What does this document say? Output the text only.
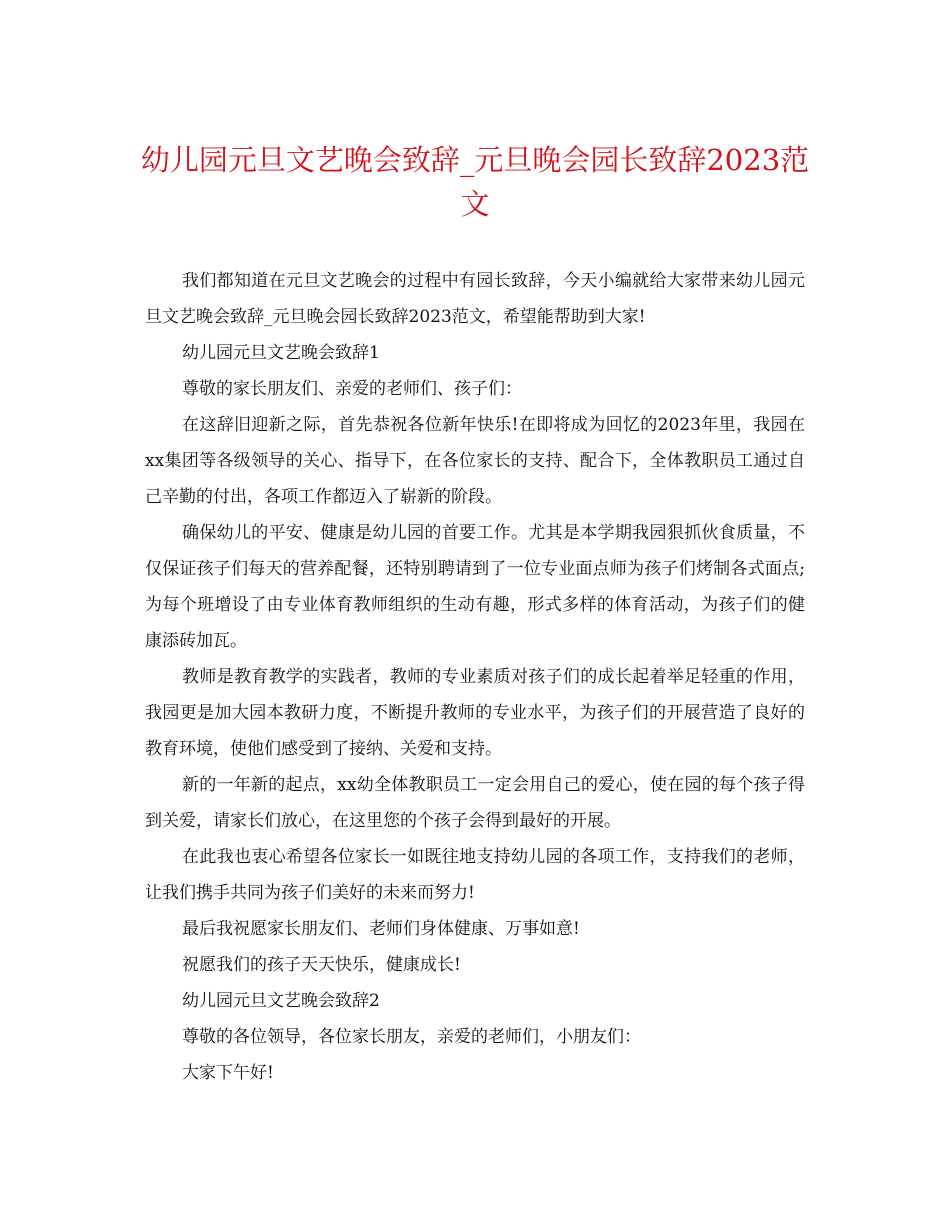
幼儿园元旦文艺晚会致辞_元旦晚会园长致辞2023范文

我们都知道在元旦文艺晚会的过程中有园长致辞，今天小编就给大家带来幼儿园元旦文艺晚会致辞_元旦晚会园长致辞2023范文，希望能帮助到大家!

幼儿园元旦文艺晚会致辞1

尊敬的家长朋友们、亲爱的老师们、孩子们：

在这辞旧迎新之际，首先恭祝各位新年快乐!在即将成为回忆的2023年里，我园在xx集团等各级领导的关心、指导下，在各位家长的支持、配合下，全体教职员工通过自己辛勤的付出，各项工作都迈入了崭新的阶段。

确保幼儿的平安、健康是幼儿园的首要工作。尤其是本学期我园狠抓伙食质量，不仅保证孩子们每天的营养配餐，还特别聘请到了一位专业面点师为孩子们烤制各式面点;为每个班增设了由专业体育教师组织的生动有趣，形式多样的体育活动，为孩子们的健康添砖加瓦。

教师是教育教学的实践者，教师的专业素质对孩子们的成长起着举足轻重的作用，我园更是加大园本教研力度，不断提升教师的专业水平，为孩子们的开展营造了良好的教育环境，使他们感受到了接纳、关爱和支持。

新的一年新的起点，xx幼全体教职员工一定会用自己的爱心，使在园的每个孩子得到关爱，请家长们放心，在这里您的个孩子会得到最好的开展。

在此我也衷心希望各位家长一如既往地支持幼儿园的各项工作，支持我们的老师，让我们携手共同为孩子们美好的未来而努力!

最后我祝愿家长朋友们、老师们身体健康、万事如意!

祝愿我们的孩子天天快乐，健康成长!

幼儿园元旦文艺晚会致辞2

尊敬的各位领导，各位家长朋友，亲爱的老师们，小朋友们：

大家下午好!
